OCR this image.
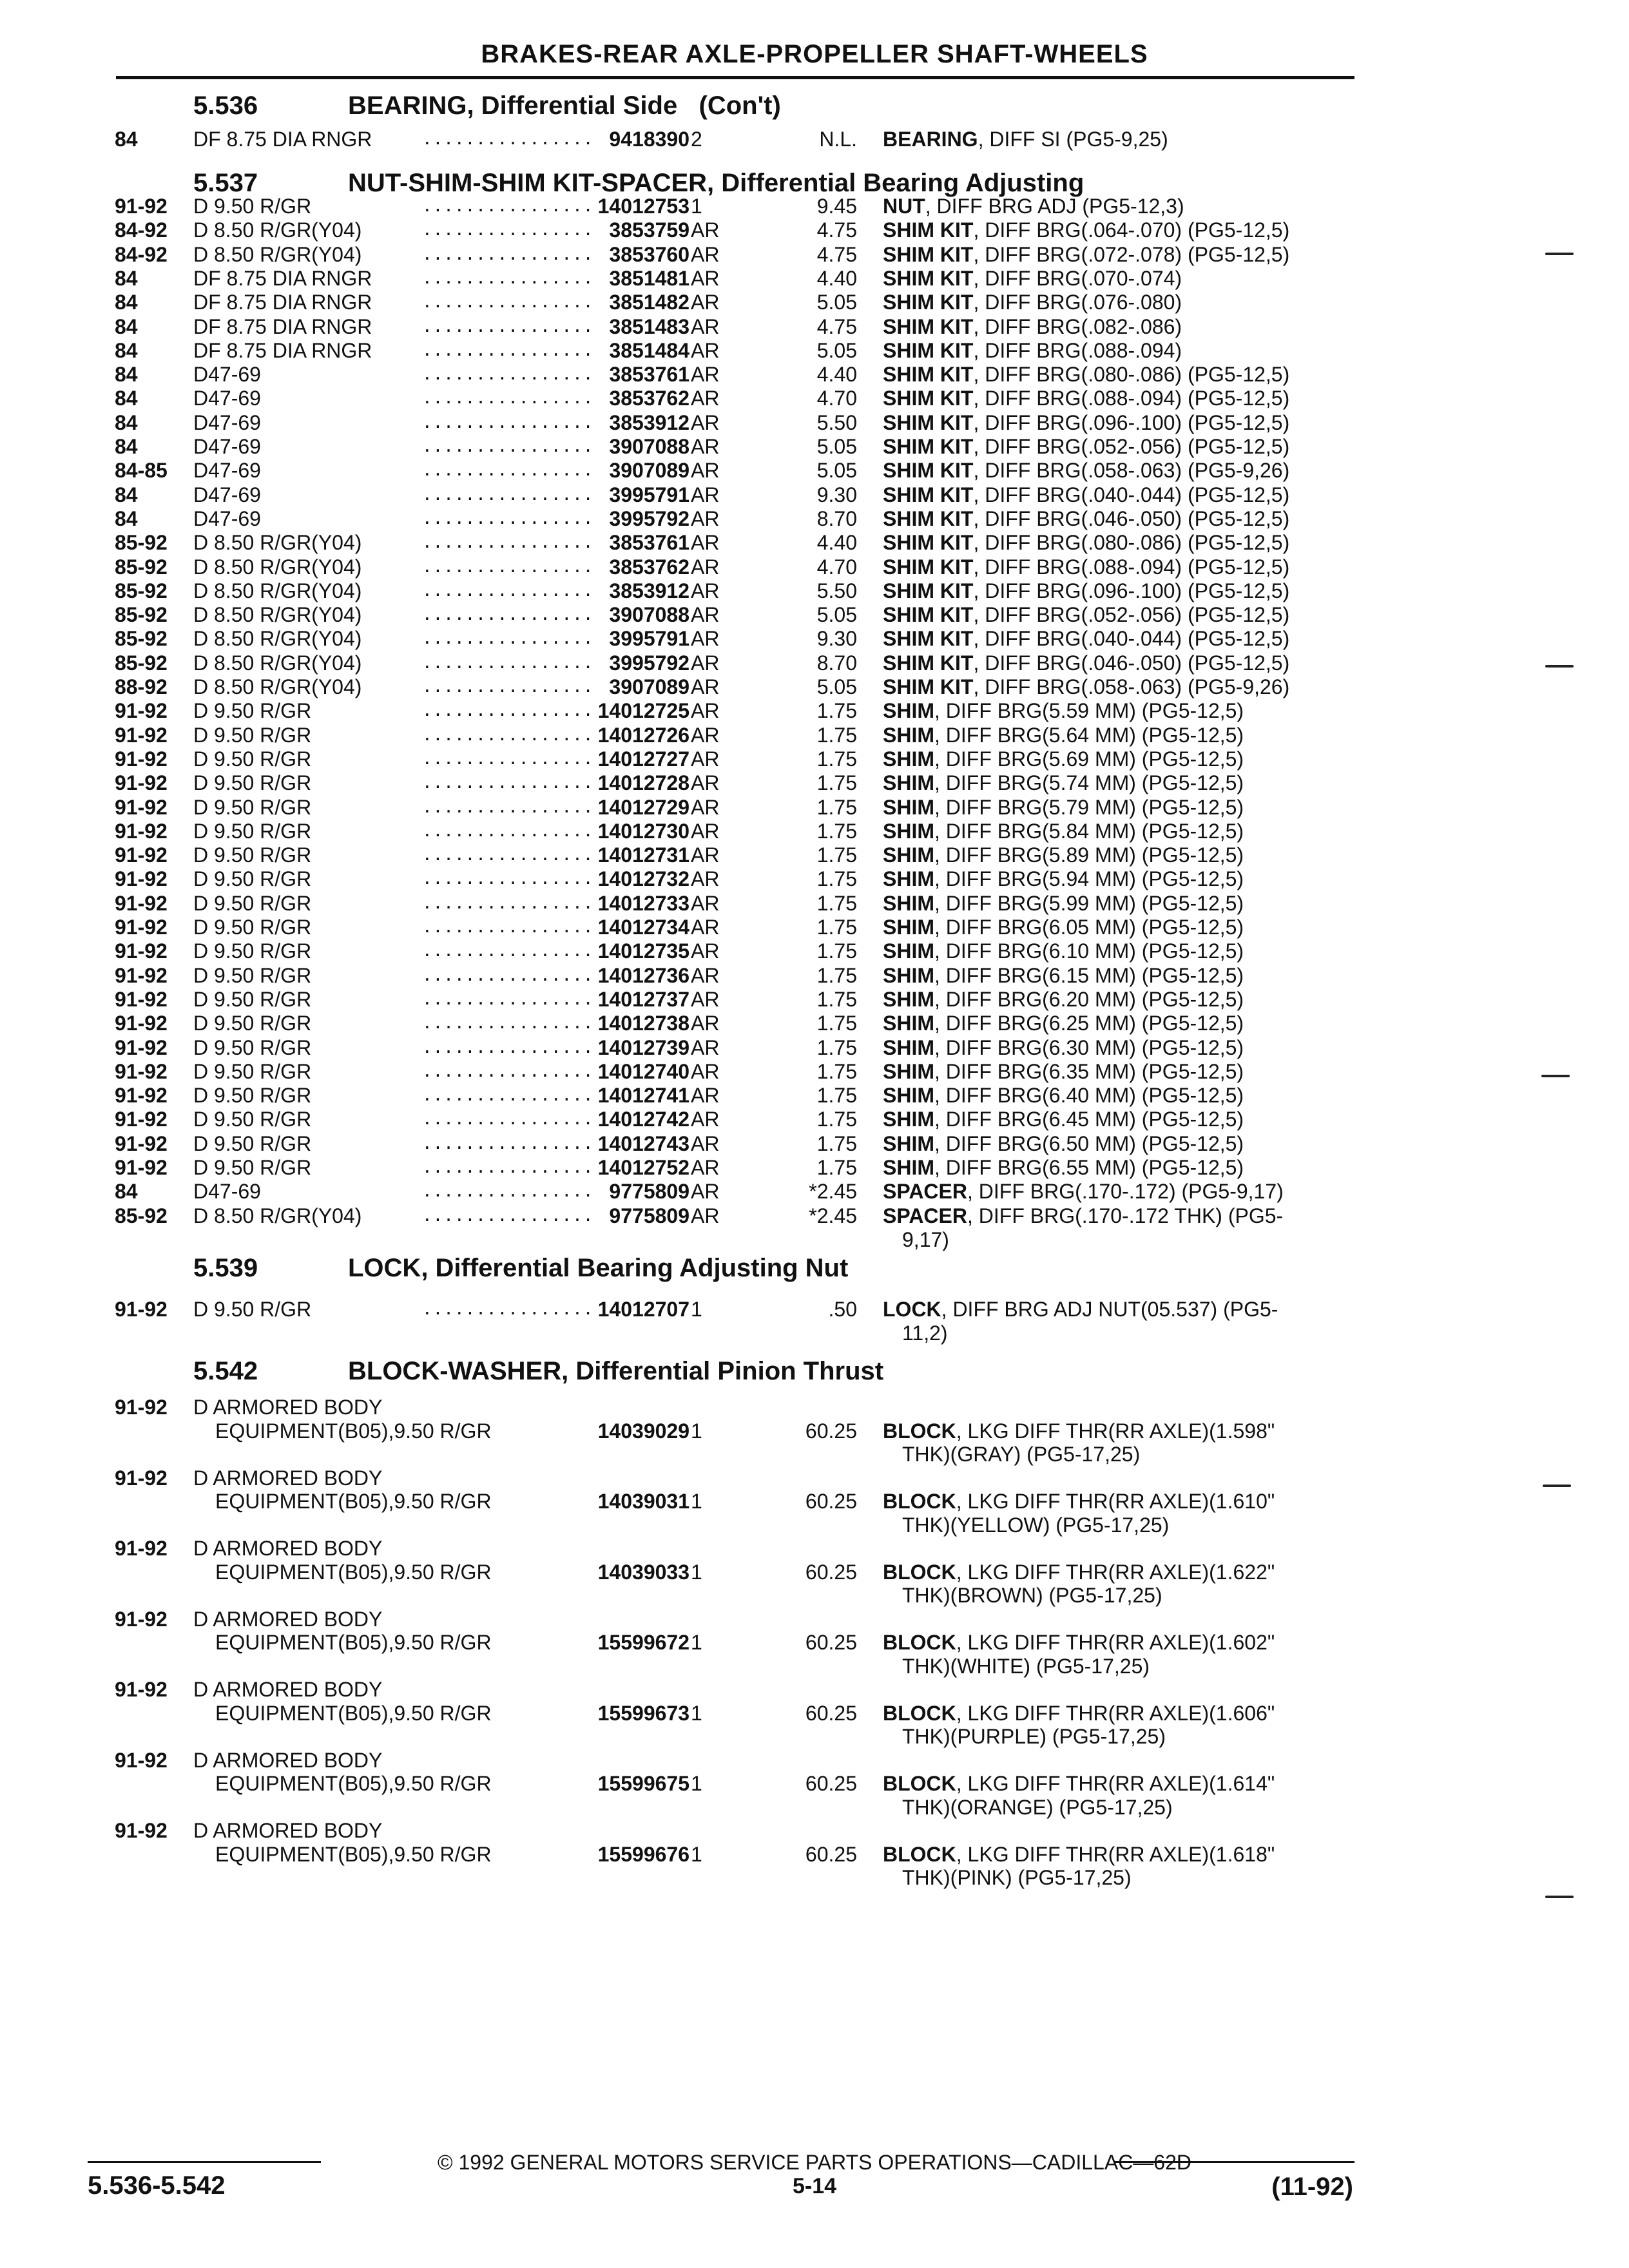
BRAKES-REAR AXLE-PROPELLER SHAFT-WHEELS
5.536	BEARING, Differential Side   (Con't)
84	DF 8.75 DIA RNGR	................ 9418390 2	N.L. BEARING, DIFF SI (PG5-9,25)
5.537	NUT-SHIM-SHIM KIT-SPACER, Differential Bearing Adjusting
91-92 D 9.50 R/GR	................ 14012753 1	9.45 NUT, DIFF BRG ADJ (PG5-12,3)
84-92 D 8.50 R/GR(Y04)	................ 3853759 AR	4.75 SHIM KIT, DIFF BRG(.064-.070) (PG5-12,5)
84-92 D 8.50 R/GR(Y04)	................ 3853760 AR	4.75 SHIM KIT, DIFF BRG(.072-.078) (PG5-12,5)
84	DF 8.75 DIA RNGR	................ 3851481 AR	4.40 SHIM KIT, DIFF BRG(.070-.074)
84	DF 8.75 DIA RNGR	................ 3851482 AR	5.05 SHIM KIT, DIFF BRG(.076-.080)
84	DF 8.75 DIA RNGR	................ 3851483 AR	4.75 SHIM KIT, DIFF BRG(.082-.086)
84	DF 8.75 DIA RNGR	................ 3851484 AR	5.05 SHIM KIT, DIFF BRG(.088-.094)
84	D47-69	................ 3853761 AR	4.40 SHIM KIT, DIFF BRG(.080-.086) (PG5-12,5)
84	D47-69	................ 3853762 AR	4.70 SHIM KIT, DIFF BRG(.088-.094) (PG5-12,5)
84	D47-69	................ 3853912 AR	5.50 SHIM KIT, DIFF BRG(.096-.100) (PG5-12,5)
84	D47-69	................ 3907088 AR	5.05 SHIM KIT, DIFF BRG(.052-.056) (PG5-12,5)
84-85 D47-69	................ 3907089 AR	5.05 SHIM KIT, DIFF BRG(.058-.063) (PG5-9,26)
84	D47-69	................ 3995791 AR	9.30 SHIM KIT, DIFF BRG(.040-.044) (PG5-12,5)
84	D47-69	................ 3995792 AR	8.70 SHIM KIT, DIFF BRG(.046-.050) (PG5-12,5)
85-92 D 8.50 R/GR(Y04)	................ 3853761 AR	4.40 SHIM KIT, DIFF BRG(.080-.086) (PG5-12,5)
85-92 D 8.50 R/GR(Y04)	................ 3853762 AR	4.70 SHIM KIT, DIFF BRG(.088-.094) (PG5-12,5)
85-92 D 8.50 R/GR(Y04)	................ 3853912 AR	5.50 SHIM KIT, DIFF BRG(.096-.100) (PG5-12,5)
85-92 D 8.50 R/GR(Y04)	................ 3907088 AR	5.05 SHIM KIT, DIFF BRG(.052-.056) (PG5-12,5)
85-92 D 8.50 R/GR(Y04)	................ 3995791 AR	9.30 SHIM KIT, DIFF BRG(.040-.044) (PG5-12,5)
85-92 D 8.50 R/GR(Y04)	................ 3995792 AR	8.70 SHIM KIT, DIFF BRG(.046-.050) (PG5-12,5)
88-92 D 8.50 R/GR(Y04)	................ 3907089 AR	5.05 SHIM KIT, DIFF BRG(.058-.063) (PG5-9,26)
91-92 D 9.50 R/GR	................ 14012725 AR	1.75 SHIM, DIFF BRG(5.59 MM) (PG5-12,5)
91-92 D 9.50 R/GR	................ 14012726 AR	1.75 SHIM, DIFF BRG(5.64 MM) (PG5-12,5)
91-92 D 9.50 R/GR	................ 14012727 AR	1.75 SHIM, DIFF BRG(5.69 MM) (PG5-12,5)
91-92 D 9.50 R/GR	................ 14012728 AR	1.75 SHIM, DIFF BRG(5.74 MM) (PG5-12,5)
91-92 D 9.50 R/GR	................ 14012729 AR	1.75 SHIM, DIFF BRG(5.79 MM) (PG5-12,5)
91-92 D 9.50 R/GR	................ 14012730 AR	1.75 SHIM, DIFF BRG(5.84 MM) (PG5-12,5)
91-92 D 9.50 R/GR	................ 14012731 AR	1.75 SHIM, DIFF BRG(5.89 MM) (PG5-12,5)
91-92 D 9.50 R/GR	................ 14012732 AR	1.75 SHIM, DIFF BRG(5.94 MM) (PG5-12,5)
91-92 D 9.50 R/GR	................ 14012733 AR	1.75 SHIM, DIFF BRG(5.99 MM) (PG5-12,5)
91-92 D 9.50 R/GR	................ 14012734 AR	1.75 SHIM, DIFF BRG(6.05 MM) (PG5-12,5)
91-92 D 9.50 R/GR	................ 14012735 AR	1.75 SHIM, DIFF BRG(6.10 MM) (PG5-12,5)
91-92 D 9.50 R/GR	................ 14012736 AR	1.75 SHIM, DIFF BRG(6.15 MM) (PG5-12,5)
91-92 D 9.50 R/GR	................ 14012737 AR	1.75 SHIM, DIFF BRG(6.20 MM) (PG5-12,5)
91-92 D 9.50 R/GR	................ 14012738 AR	1.75 SHIM, DIFF BRG(6.25 MM) (PG5-12,5)
91-92 D 9.50 R/GR	................ 14012739 AR	1.75 SHIM, DIFF BRG(6.30 MM) (PG5-12,5)
91-92 D 9.50 R/GR	................ 14012740 AR	1.75 SHIM, DIFF BRG(6.35 MM) (PG5-12,5)
91-92 D 9.50 R/GR	................ 14012741 AR	1.75 SHIM, DIFF BRG(6.40 MM) (PG5-12,5)
91-92 D 9.50 R/GR	................ 14012742 AR	1.75 SHIM, DIFF BRG(6.45 MM) (PG5-12,5)
91-92 D 9.50 R/GR	................ 14012743 AR	1.75 SHIM, DIFF BRG(6.50 MM) (PG5-12,5)
91-92 D 9.50 R/GR	................ 14012752 AR	1.75 SHIM, DIFF BRG(6.55 MM) (PG5-12,5)
84	D47-69	................ 9775809 AR	*2.45 SPACER, DIFF BRG(.170-.172) (PG5-9,17)
85-92 D 8.50 R/GR(Y04)	................ 9775809 AR	*2.45 SPACER, DIFF BRG(.170-.172 THK) (PG5-
9,17)
5.539	LOCK, Differential Bearing Adjusting Nut
91-92 D 9.50 R/GR	................ 14012707 1	.50 LOCK, DIFF BRG ADJ NUT(05.537) (PG5-
11,2)
5.542	BLOCK-WASHER, Differential Pinion Thrust
91-92 D ARMORED BODY
EQUIPMENT(B05),9.50 R/GR	14039029 1	60.25 BLOCK, LKG DIFF THR(RR AXLE)(1.598"
THK)(GRAY) (PG5-17,25)
91-92 D ARMORED BODY
EQUIPMENT(B05),9.50 R/GR	14039031 1	60.25 BLOCK, LKG DIFF THR(RR AXLE)(1.610"
THK)(YELLOW) (PG5-17,25)
91-92 D ARMORED BODY
EQUIPMENT(B05),9.50 R/GR	14039033 1	60.25 BLOCK, LKG DIFF THR(RR AXLE)(1.622"
THK)(BROWN) (PG5-17,25)
91-92 D ARMORED BODY
EQUIPMENT(B05),9.50 R/GR	15599672 1	60.25 BLOCK, LKG DIFF THR(RR AXLE)(1.602"
THK)(WHITE) (PG5-17,25)
91-92 D ARMORED BODY
EQUIPMENT(B05),9.50 R/GR	15599673 1	60.25 BLOCK, LKG DIFF THR(RR AXLE)(1.606"
THK)(PURPLE) (PG5-17,25)
91-92 D ARMORED BODY
EQUIPMENT(B05),9.50 R/GR	15599675 1	60.25 BLOCK, LKG DIFF THR(RR AXLE)(1.614"
THK)(ORANGE) (PG5-17,25)
91-92 D ARMORED BODY
EQUIPMENT(B05),9.50 R/GR	15599676 1	60.25 BLOCK, LKG DIFF THR(RR AXLE)(1.618"
THK)(PINK) (PG5-17,25)
© 1992 GENERAL MOTORS SERVICE PARTS OPERATIONS—CADILLAC—62D
5.536-5.542	5-14	(11-92)
